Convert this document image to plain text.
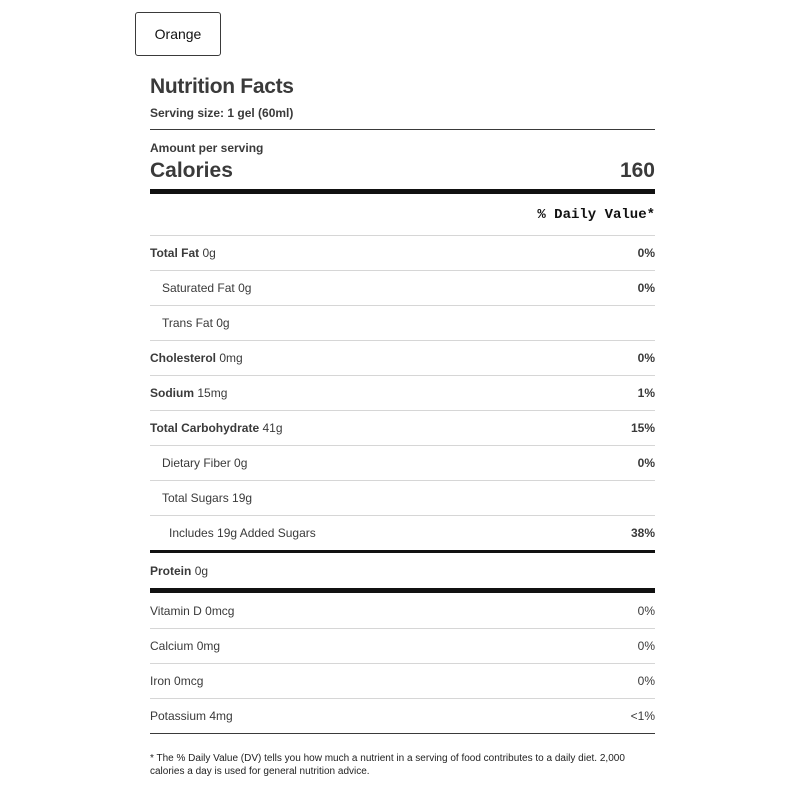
Orange
Nutrition Facts
Serving size: 1 gel (60ml)
Amount per serving
Calories	160
% Daily Value*
Total Fat 0g	0%
Saturated Fat 0g	0%
Trans Fat 0g
Cholesterol 0mg	0%
Sodium 15mg	1%
Total Carbohydrate 41g	15%
Dietary Fiber 0g	0%
Total Sugars 19g
Includes 19g Added Sugars	38%
Protein 0g
Vitamin D 0mcg	0%
Calcium 0mg	0%
Iron 0mcg	0%
Potassium 4mg	<1%
* The % Daily Value (DV) tells you how much a nutrient in a serving of food contributes to a daily diet. 2,000 calories a day is used for general nutrition advice.
